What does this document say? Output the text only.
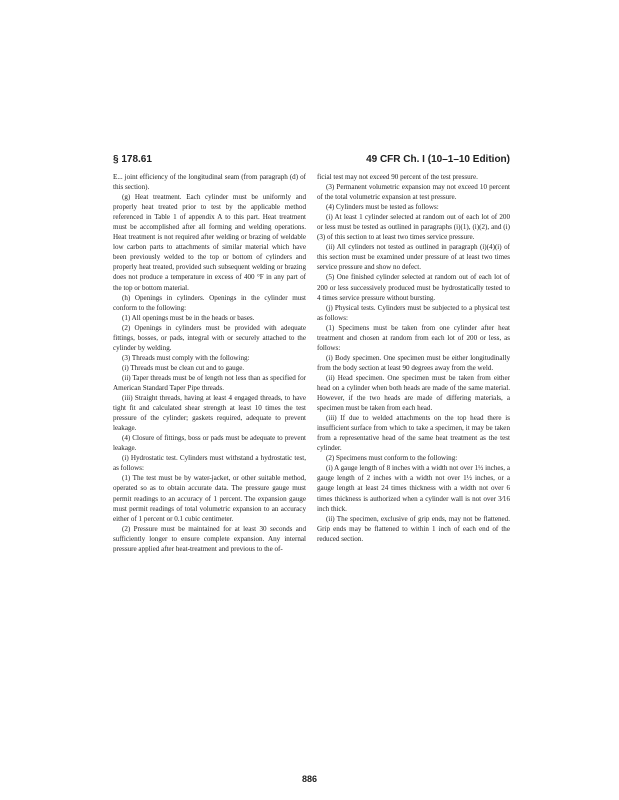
§ 178.61	49 CFR Ch. I (10–1–10 Edition)

E... joint efficiency of the longitudinal seam (from paragraph (d) of this section).

(g) Heat treatment. Each cylinder must be uniformly and properly heat treated prior to test by the applicable method referenced in Table 1 of appendix A to this part. Heat treatment must be accomplished after all forming and welding operations. Heat treatment is not required after welding or brazing of weldable low carbon parts to attachments of similar material which have been previously welded to the top or bottom of cylinders and properly heat treated, provided such subsequent welding or brazing does not produce a temperature in excess of 400 °F in any part of the top or bottom material.

(h) Openings in cylinders. Openings in the cylinder must conform to the following:

(1) All openings must be in the heads or bases.

(2) Openings in cylinders must be provided with adequate fittings, bosses, or pads, integral with or securely attached to the cylinder by welding.

(3) Threads must comply with the following:

(i) Threads must be clean cut and to gauge.

(ii) Taper threads must be of length not less than as specified for American Standard Taper Pipe threads.

(iii) Straight threads, having at least 4 engaged threads, to have tight fit and calculated shear strength at least 10 times the test pressure of the cylinder; gaskets required, adequate to prevent leakage.

(4) Closure of fittings, boss or pads must be adequate to prevent leakage.

(i) Hydrostatic test. Cylinders must withstand a hydrostatic test, as follows:

(1) The test must be by water-jacket, or other suitable method, operated so as to obtain accurate data. The pressure gauge must permit readings to an accuracy of 1 percent. The expansion gauge must permit readings of total volumetric expansion to an accuracy either of 1 percent or 0.1 cubic centimeter.

(2) Pressure must be maintained for at least 30 seconds and sufficiently longer to ensure complete expansion. Any internal pressure applied after heat-treatment and previous to the of-

ficial test may not exceed 90 percent of the test pressure.

(3) Permanent volumetric expansion may not exceed 10 percent of the total volumetric expansion at test pressure.

(4) Cylinders must be tested as follows:

(i) At least 1 cylinder selected at random out of each lot of 200 or less must be tested as outlined in paragraphs (i)(1), (i)(2), and (i)(3) of this section to at least two times service pressure.

(ii) All cylinders not tested as outlined in paragraph (i)(4)(i) of this section must be examined under pressure of at least two times service pressure and show no defect.

(5) One finished cylinder selected at random out of each lot of 200 or less successively produced must be hydrostatically tested to 4 times service pressure without bursting.

(j) Physical tests. Cylinders must be subjected to a physical test as follows:

(1) Specimens must be taken from one cylinder after heat treatment and chosen at random from each lot of 200 or less, as follows:

(i) Body specimen. One specimen must be either longitudinally from the body section at least 90 degrees away from the weld.

(ii) Head specimen. One specimen must be taken from either head on a cylinder when both heads are made of the same material. However, if the two heads are made of differing materials, a specimen must be taken from each head.

(iii) If due to welded attachments on the top head there is insufficient surface from which to take a specimen, it may be taken from a representative head of the same heat treatment as the test cylinder.

(2) Specimens must conform to the following:

(i) A gauge length of 8 inches with a width not over 1½ inches, a gauge length of 2 inches with a width not over 1½ inches, or a gauge length at least 24 times thickness with a width not over 6 times thickness is authorized when a cylinder wall is not over 3⁄16 inch thick.

(ii) The specimen, exclusive of grip ends, may not be flattened. Grip ends may be flattened to within 1 inch of each end of the reduced section.

886
